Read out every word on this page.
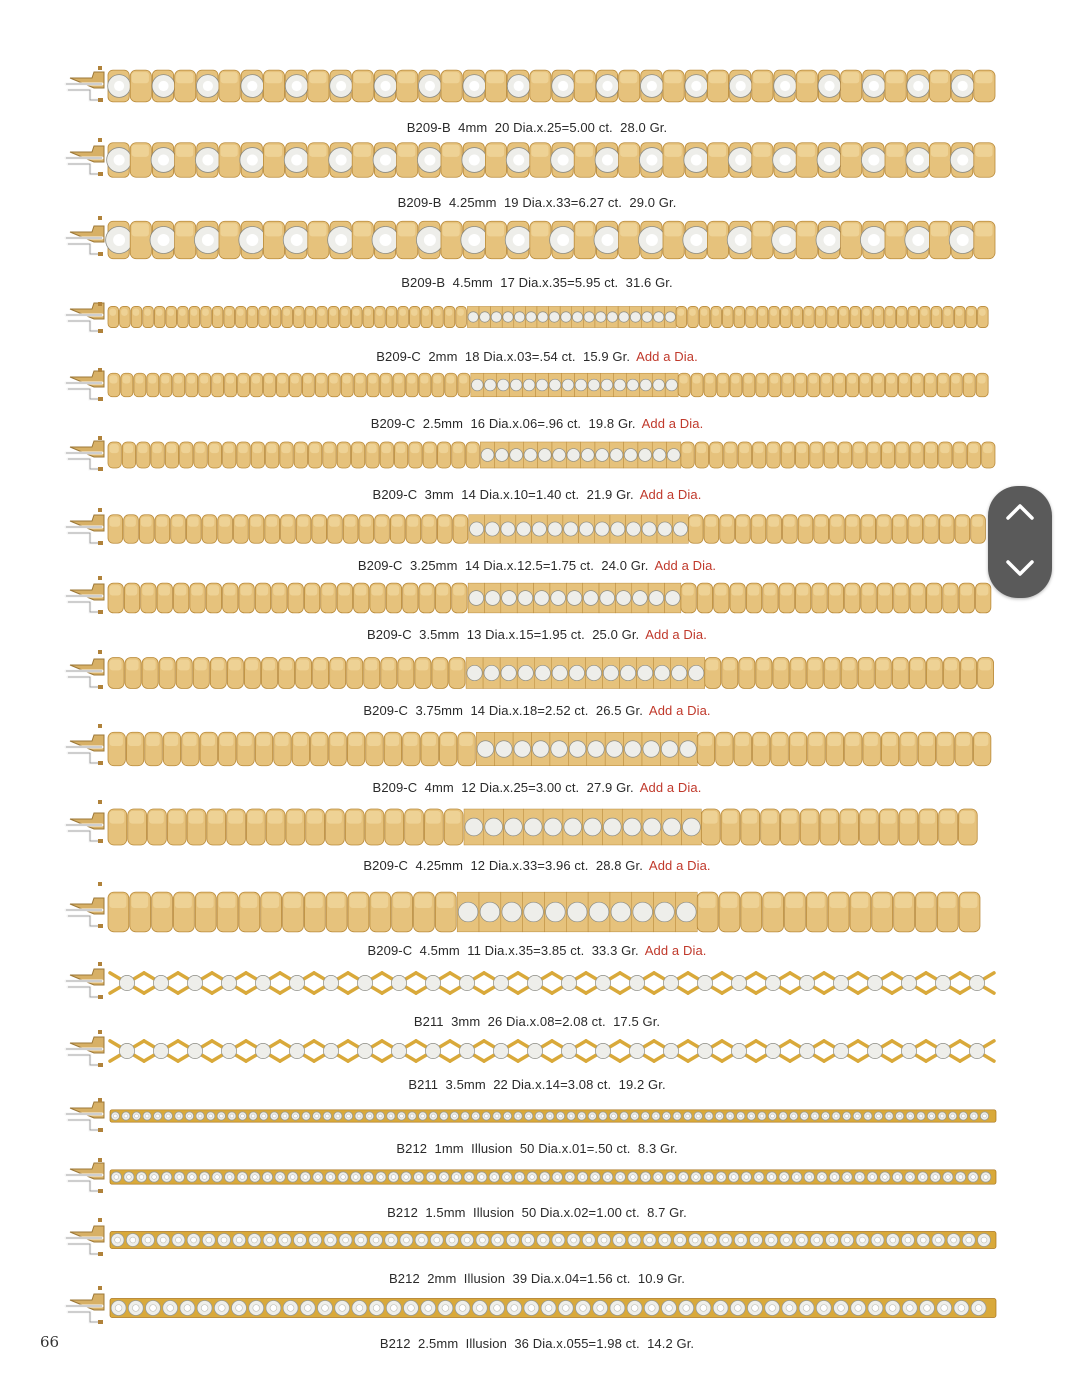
B209-B  4mm  20 Dia.x.25=5.00 ct.  28.0 Gr.
B209-B  4.25mm  19 Dia.x.33=6.27 ct.  29.0 Gr.
B209-B  4.5mm  17 Dia.x.35=5.95 ct.  31.6 Gr.
B209-C  2mm  18 Dia.x.03=.54 ct.  15.9 Gr. Add a Dia.
B209-C  2.5mm  16 Dia.x.06=.96 ct.  19.8 Gr. Add a Dia.
B209-C  3mm  14 Dia.x.10=1.40 ct.  21.9 Gr. Add a Dia.
B209-C  3.25mm  14 Dia.x.12.5=1.75 ct.  24.0 Gr. Add a Dia.
B209-C  3.5mm  13 Dia.x.15=1.95 ct.  25.0 Gr. Add a Dia.
B209-C  3.75mm  14 Dia.x.18=2.52 ct.  26.5 Gr. Add a Dia.
B209-C  4mm  12 Dia.x.25=3.00 ct.  27.9 Gr. Add a Dia.
B209-C  4.25mm  12 Dia.x.33=3.96 ct.  28.8 Gr. Add a Dia.
B209-C  4.5mm  11 Dia.x.35=3.85 ct.  33.3 Gr. Add a Dia.
B211  3mm  26 Dia.x.08=2.08 ct.  17.5 Gr.
B211  3.5mm  22 Dia.x.14=3.08 ct.  19.2 Gr.
B212  1mm  Illusion  50 Dia.x.01=.50 ct.  8.3 Gr.
B212  1.5mm  Illusion  50 Dia.x.02=1.00 ct.  8.7 Gr.
B212  2mm  Illusion  39 Dia.x.04=1.56 ct.  10.9 Gr.
B212  2.5mm  Illusion  36 Dia.x.055=1.98 ct.  14.2 Gr.
66
